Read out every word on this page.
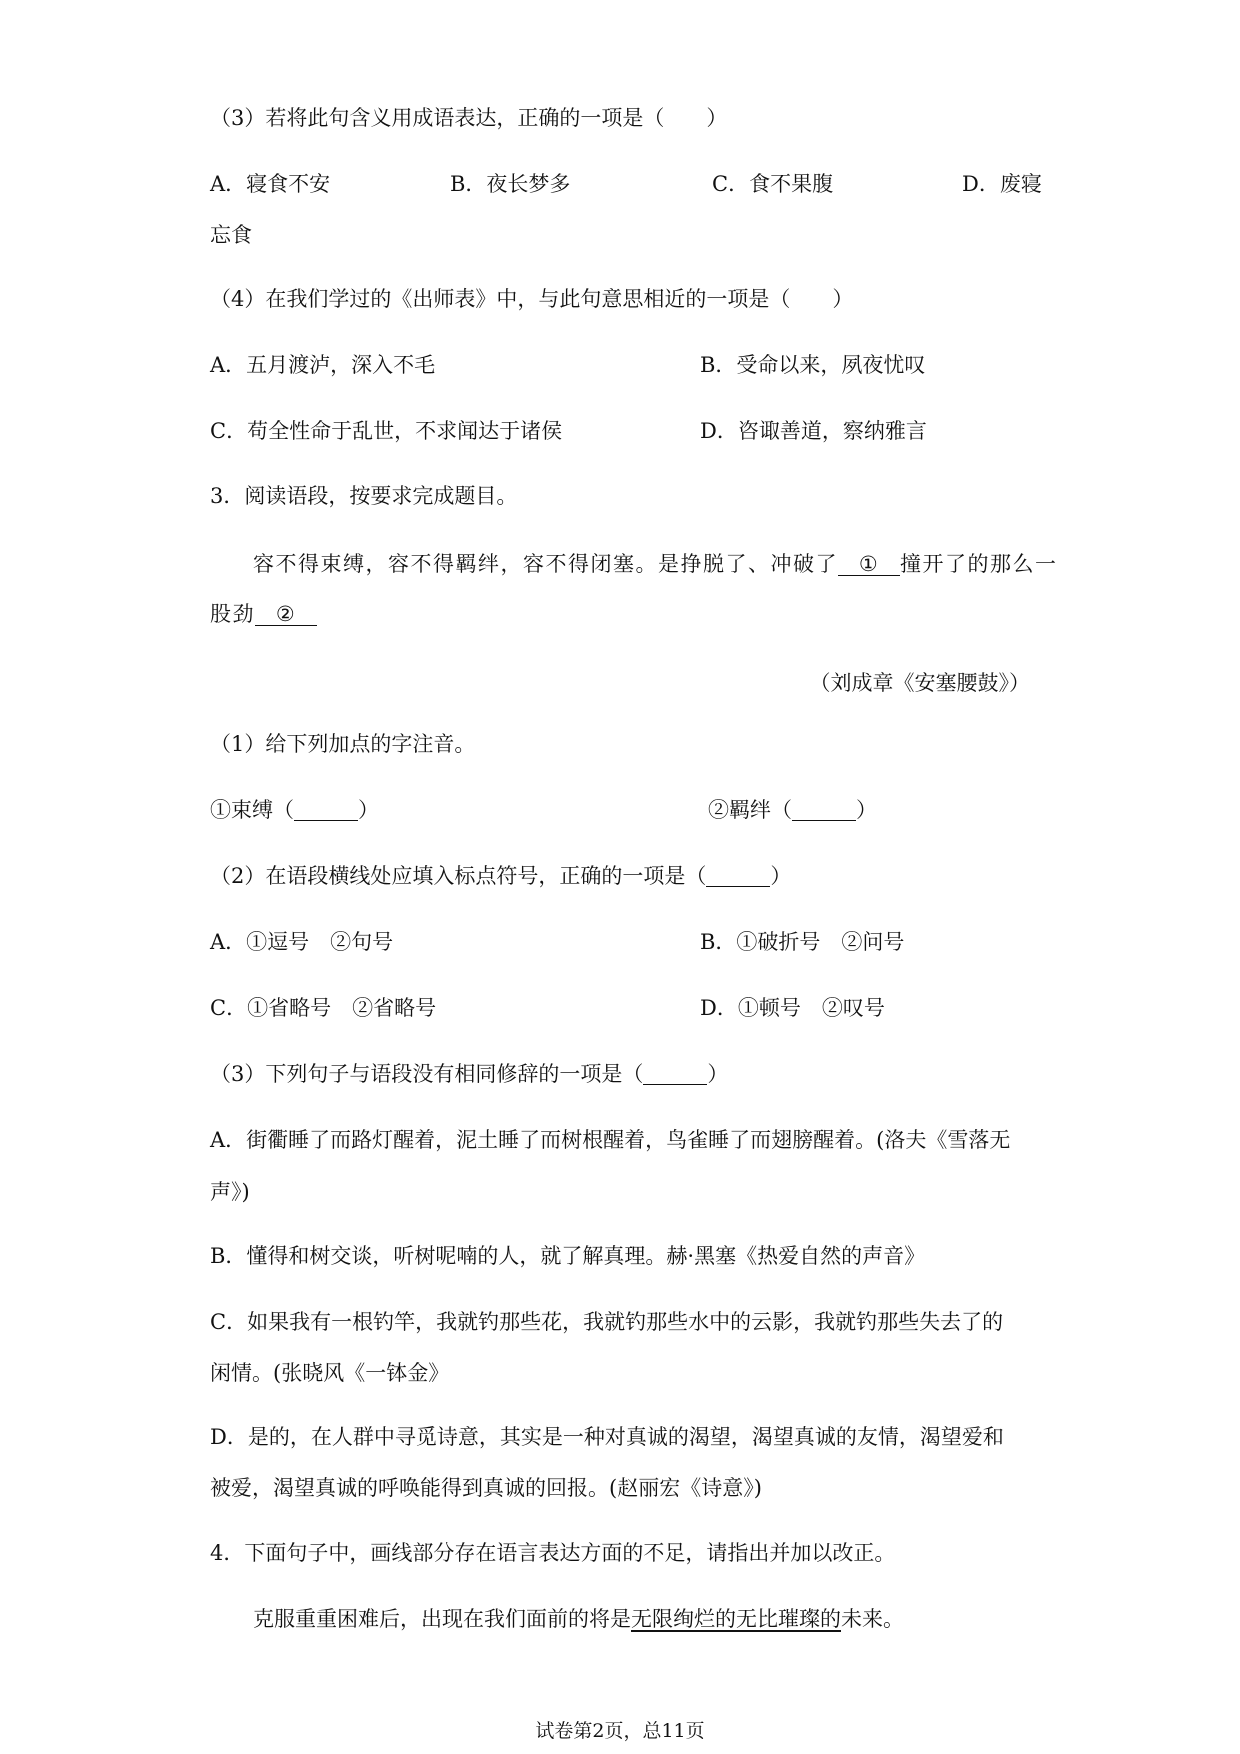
（3）若将此句含义用成语表达，正确的一项是（　　）
A．寝食不安	B．夜长梦多	C．食不果腹	D．废寝
忘食
（4）在我们学过的《出师表》中，与此句意思相近的一项是（　　）
A．五月渡泸，深入不毛	B．受命以来，夙夜忧叹
C．苟全性命于乱世，不求闻达于诸侯	D．咨诹善道，察纳雅言
3．阅读语段，按要求完成题目。
容不得束缚，容不得羁绊，容不得闭塞。是挣脱了、冲破了 ① 撞开了的那么一
股劲 ②
（刘成章《安塞腰鼓》）
（1）给下列加点的字注音。
①束缚（	）	②羁绊（	）
（2）在语段横线处应填入标点符号，正确的一项是（	）
A．①逗号　②句号	B．①破折号　②问号
C．①省略号　②省略号	D．①顿号　②叹号
（3）下列句子与语段没有相同修辞的一项是（	）
A．街衢睡了而路灯醒着，泥土睡了而树根醒着，鸟雀睡了而翅膀醒着。(洛夫《雪落无
声》)
B．懂得和树交谈，听树呢喃的人，就了解真理。赫·黑塞《热爱自然的声音》
C．如果我有一根钓竿，我就钓那些花，我就钓那些水中的云影，我就钓那些失去了的
闲情。(张晓风《一钵金》
D．是的，在人群中寻觅诗意，其实是一种对真诚的渴望，渴望真诚的友情，渴望爱和
被爱，渴望真诚的呼唤能得到真诚的回报。(赵丽宏《诗意》)
4．下面句子中，画线部分存在语言表达方面的不足，请指出并加以改正。
克服重重困难后，出现在我们面前的将是无限绚烂的无比璀璨的未来。
试卷第2页，总11页
